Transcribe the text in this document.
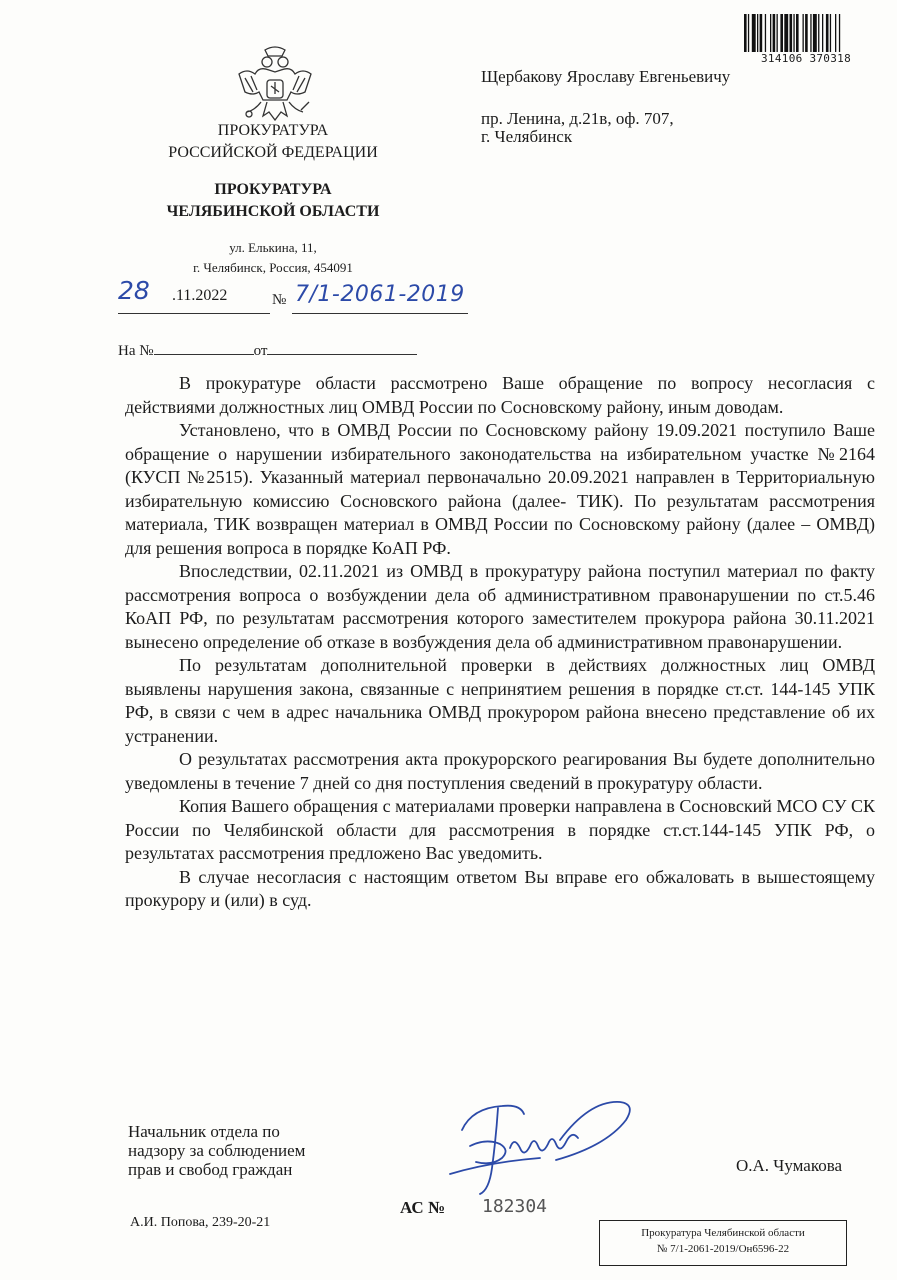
ПРОКУРАТУРА
РОССИЙСКОЙ ФЕДЕРАЦИИ
ПРОКУРАТУРА
ЧЕЛЯБИНСКОЙ ОБЛАСТИ
ул. Елькина, 11,
г. Челябинск, Россия, 454091
28 .11.2022	№ 7/1-2061-2019
На №	от
314106 370318
Щербакову Ярославу Евгеньевичу
пр. Ленина, д.21в, оф. 707,
г. Челябинск

В прокуратуре области рассмотрено Ваше обращение по вопросу несогласия с действиями должностных лиц ОМВД России по Сосновскому району, иным доводам.

Установлено, что в ОМВД России по Сосновскому району 19.09.2021 поступило Ваше обращение о нарушении избирательного законодательства на избирательном участке №2164 (КУСП №2515). Указанный материал первоначально 20.09.2021 направлен в Территориальную избирательную комиссию Сосновского района (далее- ТИК). По результатам рассмотрения материала, ТИК возвращен материал в ОМВД России по Сосновскому району (далее – ОМВД) для решения вопроса в порядке КоАП РФ.

Впоследствии, 02.11.2021 из ОМВД в прокуратуру района поступил материал по факту рассмотрения вопроса о возбуждении дела об административном правонарушении по ст.5.46 КоАП РФ, по результатам рассмотрения которого заместителем прокурора района 30.11.2021 вынесено определение об отказе в возбуждения дела об административном правонарушении.

По результатам дополнительной проверки в действиях должностных лиц ОМВД выявлены нарушения закона, связанные с непринятием решения в порядке ст.ст. 144-145 УПК РФ, в связи с чем в адрес начальника ОМВД прокурором района внесено представление об их устранении.

О результатах рассмотрения акта прокурорского реагирования Вы будете дополнительно уведомлены в течение 7 дней со дня поступления сведений в прокуратуру области.

Копия Вашего обращения с материалами проверки направлена в Сосновский МСО СУ СК России по Челябинской области для рассмотрения в порядке ст.ст.144-145 УПК РФ, о результатах рассмотрения предложено Вас уведомить.

В случае несогласия с настоящим ответом Вы вправе его обжаловать в вышестоящему прокурору и (или) в суд.

Начальник отдела по
надзору за соблюдением
прав и свобод граждан	О.А. Чумакова
АС № 182304
А.И. Попова, 239-20-21
Прокуратура Челябинской области
№ 7/1-2061-2019/Он6596-22
